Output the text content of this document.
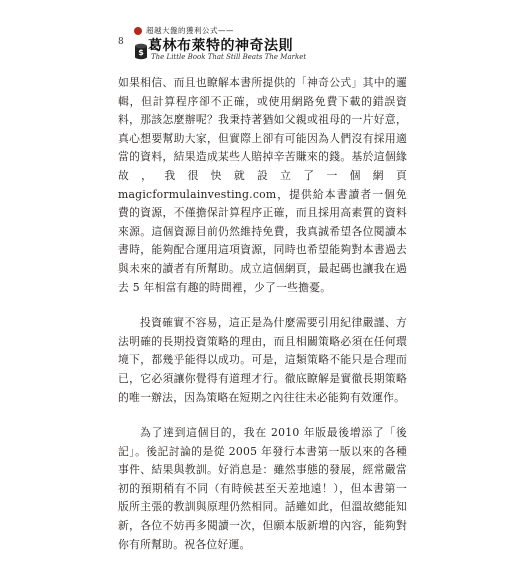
8
$
超越大盤的獲利公式——
葛林布萊特的神奇法則
The Little Book That Still Beats The Market

如果相信、而且也瞭解本書所提供的「神奇公式」其中的邏輯，但計算程序卻不正確，或使用網路免費下載的錯誤資料，那該怎麼辦呢？我秉持著猶如父親或祖母的一片好意，真心想要幫助大家，但實際上卻有可能因為人們沒有採用適當的資料，結果造成某些人賠掉辛苦賺來的錢。基於這個緣故，我很快就設立了一個網頁 magicformulainvesting.com，提供給本書讀者一個免費的資源，不僅擔保計算程序正確，而且採用高素質的資料來源。這個資源目前仍然維持免費，我真誠希望各位閱讀本書時，能夠配合運用這項資源，同時也希望能夠對本書過去與未來的讀者有所幫助。成立這個網頁，最起碼也讓我在過去 5 年相當有趣的時間裡，少了一些擔憂。

投資確實不容易，這正是為什麼需要引用紀律嚴謹、方法明確的長期投資策略的理由，而且相關策略必須在任何環境下，都幾乎能得以成功。可是，這類策略不能只是合理而已，它必須讓你覺得有道理才行。徹底瞭解是實徹長期策略的唯一辦法，因為策略在短期之內往往未必能夠有效運作。

為了達到這個目的，我在 2010 年版最後增添了「後記」。後記討論的是從 2005 年發行本書第一版以來的各種事件、結果與教訓。好消息是：雖然事態的發展，經常嚴當初的預期稍有不同（有時候甚至天差地遠！），但本書第一版所主張的教訓與原理仍然相同。話雖如此，但溫故總能知新，各位不妨再多閱讀一次，但願本版新增的內容，能夠對你有所幫助。祝各位好運。
